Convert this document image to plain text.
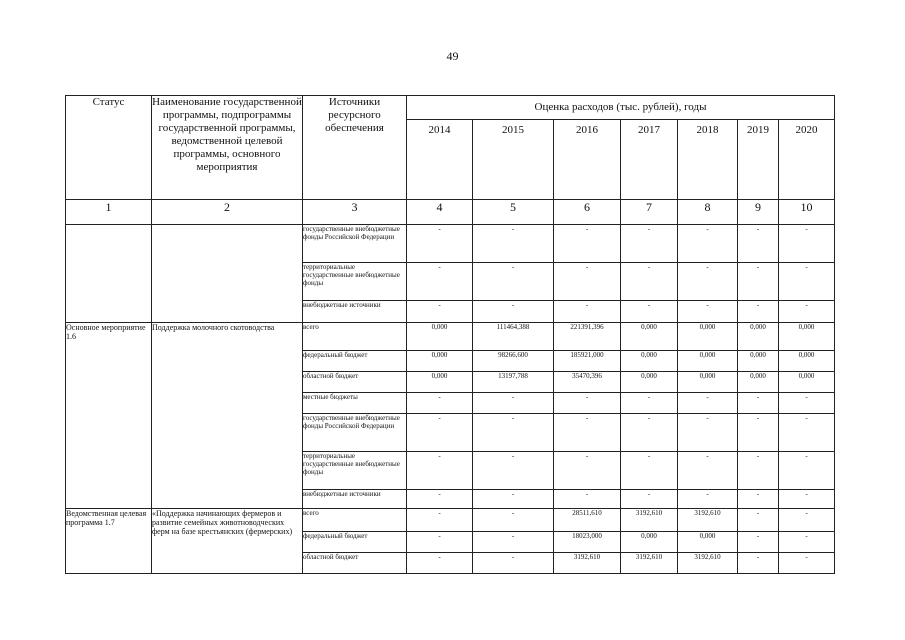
49
Статус	Наименование государственной программы, подпрограммы государственной программы, ведомственной целевой программы, основного мероприятия	Источники ресурсного обеспечения	Оценка расходов (тыс. рублей), годы						
			2014	2015	2016	2017	2018	2019	2020
1	2	3	4	5	6	7	8	9	10
		государственные внебюджетные фонды Российской Федерации	-	-	-	-	-	-	-
		территориальные государственные внебюджетные фонды	-	-	-	-	-	-	-
		внебюджетные источники	-	-	-	-	-	-	-
Основное мероприятие 1.6	Поддержка молочного скотоводства	всего	0,000	111464,388	221391,396	0,000	0,000	0,000	0,000
		федеральный бюджет	0,000	98266,600	185921,000	0,000	0,000	0,000	0,000
		областной бюджет	0,000	13197,788	35470,396	0,000	0,000	0,000	0,000
		местные бюджеты	-	-	-	-	-	-	-
		государственные внебюджетные фонды Российской Федерации	-	-	-	-	-	-	-
		территориальные государственные внебюджетные фонды	-	-	-	-	-	-	-
		внебюджетные источники	-	-	-	-	-	-	-
Ведомственная целевая программа 1.7	«Поддержка начинающих фермеров и развитие семейных животноводческих ферм на базе крестьянских (фермерских)	всего	-	-	28511,610	3192,610	3192,610	-	-
		федеральный бюджет	-	-	18023,000	0,000	0,000	-	-
		областной бюджет	-	-	3192,610	3192,610	3192,610	-	-
